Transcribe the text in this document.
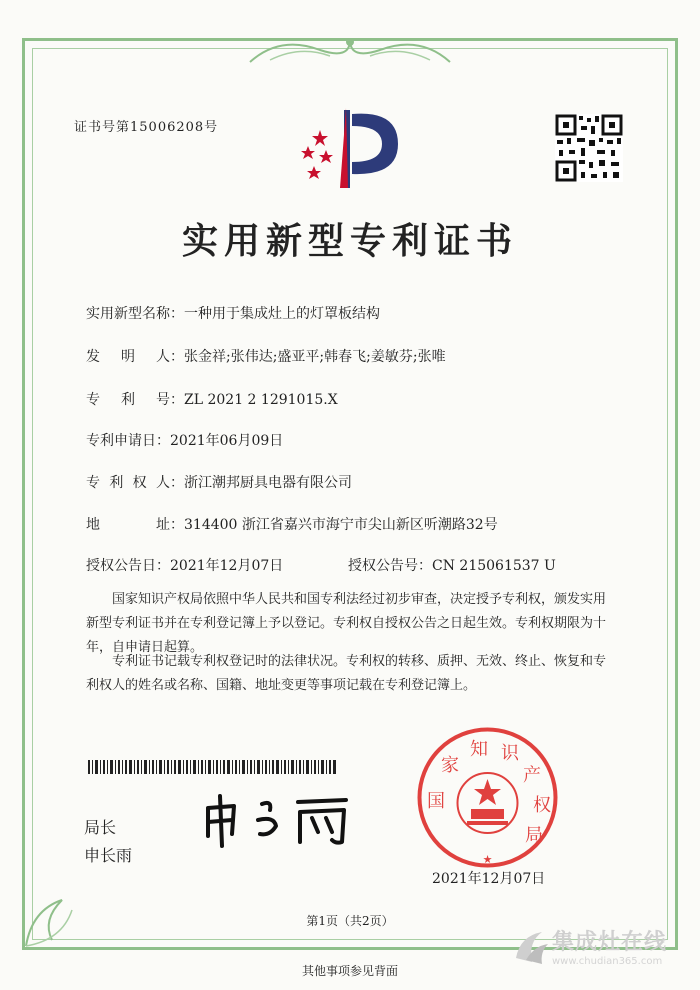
证书号第15006208号
实用新型专利证书
实用新型名称：一种用于集成灶上的灯罩板结构
发 明 人 ：张金祥;张伟达;盛亚平;韩春飞;姜敏芬;张唯
专 利 号 ：ZL 2021 2 1291015.X
专利申请日：2021年06月09日
专 利 权 人 ：浙江潮邦厨具电器有限公司
地	址 ：314400 浙江省嘉兴市海宁市尖山新区听潮路32号
授权公告日：2021年12月07日	授权公告号：CN 215061537 U
国家知识产权局依照中华人民共和国专利法经过初步审查，决定授予专利权，颁发实用新型专利证书并在专利登记簿上予以登记。专利权自授权公告之日起生效。专利权期限为十年，自申请日起算。
专利证书记载专利权登记时的法律状况。专利权的转移、质押、无效、终止、恢复和专利权人的姓名或名称、国籍、地址变更等事项记载在专利登记簿上。
局长
申长雨	★
国
家
知 识
产
权
局
2021年12月07日
第1页（共2页）
其他事项参见背面
集成灶在线
www.chudian365.com
